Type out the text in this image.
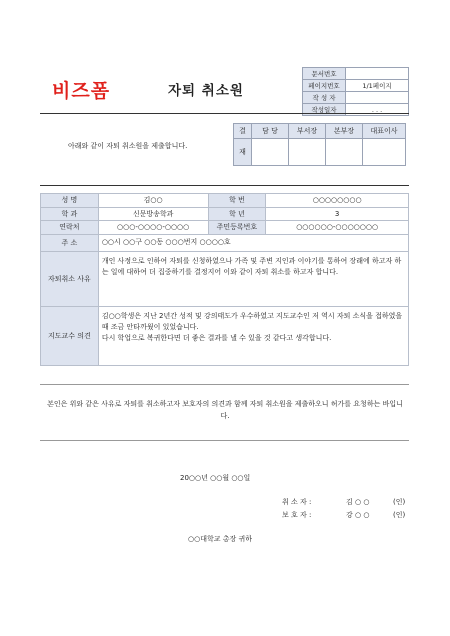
비즈폼	자퇴 취소원
문서번호	
페이지번호	1/1페이지
작 성 자	
작성일자	. . .
아래와 같이 자퇴 취소원을 제출합니다.
결	담 당	부서장	본부장	대표이사
재				
성 명	김○○	학 번	○○○○○○○○
학 과	신문방송학과	학 년	3
연락처	○○○-○○○○-○○○○	주민등록번호	○○○○○○-○○○○○○○
주 소	○○시 ○○구 ○○동 ○○○번지 ○○○○호		
자퇴취소 사유	개인 사정으로 인하여 자퇴를 신청하였으나 가족 및 주변 지인과 이야기를 통하여 장래에 하고자 하는 일에 대하여 더 집중하기를 결정지어 이와 같이 자퇴 취소를 하고자 합니다.		
지도교수 의견	김○○학생은 지난 2년간 성적 및 강의태도가 우수하였고 지도교수인 저 역시 자퇴 소식을 접하였을 때 조금 안타까웠이 있었습니다.
다시 학업으로 복귀한다면 더 좋은 결과를 낼 수 있을 것 같다고 생각합니다.		
본인은 위와 같은 사유로 자퇴를 취소하고자 보호자의 의견과 함께 자퇴 취소원을 제출하오니 허가를 요청하는 바입니다.
20○○년 ○○월 ○○일
취 소 자 :	김 ○ ○	(인)
보 호 자 :	강 ○ ○	(인)
○○대학교 총장 귀하
